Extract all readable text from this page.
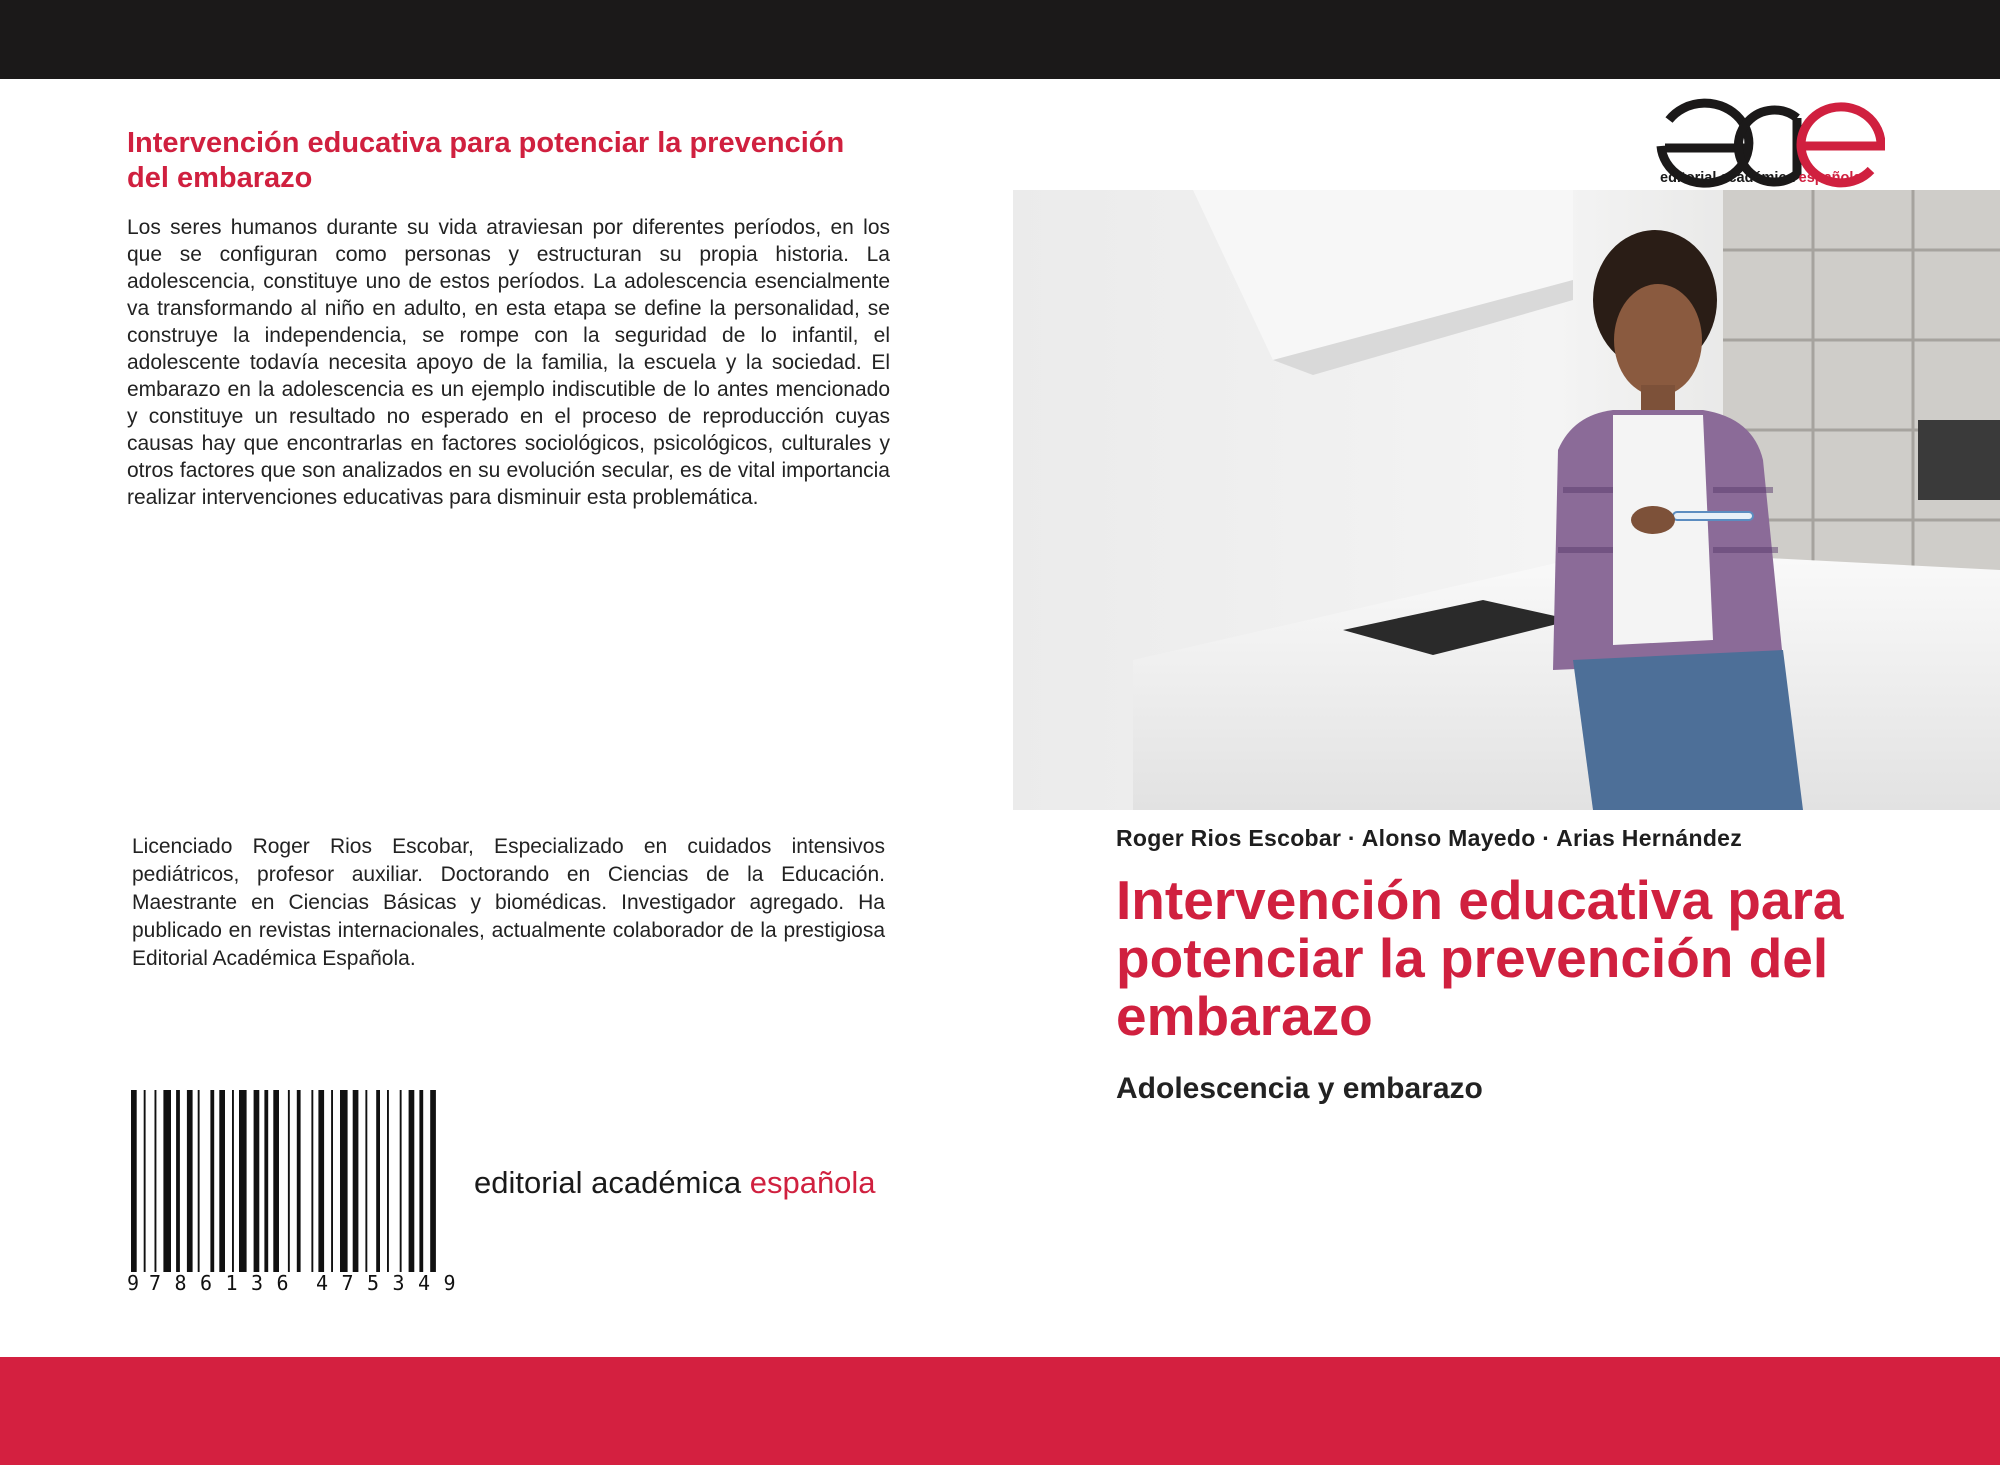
Intervención educativa para potenciar la prevención del embarazo

Los seres humanos durante su vida atraviesan por diferentes períodos, en los que se configuran como personas y estructuran su propia historia. La adolescencia, constituye uno de estos períodos. La adolescencia esencialmente va transformando al niño en adulto, en esta etapa se define la personalidad, se construye la independencia, se rompe con la seguridad de lo infantil, el adolescente todavía necesita apoyo de la familia, la escuela y la sociedad. El embarazo en la adolescencia es un ejemplo indiscutible de lo antes mencionado y constituye un resultado no esperado en el proceso de reproducción cuyas causas hay que encontrarlas en factores sociológicos, psicológicos, culturales y otros factores que son analizados en su evolución secular, es de vital importancia realizar intervenciones educativas para disminuir esta problemática.

Licenciado Roger Rios Escobar, Especializado en cuidados intensivos pediátricos, profesor auxiliar. Doctorando en Ciencias de la Educación. Maestrante en Ciencias Básicas y biomédicas. Investigador agregado. Ha publicado en revistas internacionales, actualmente colaborador de la prestigiosa Editorial Académica Española.

9 7 8 6 1 3 6 4 7 5 3 4 9
editorial académica española
editorial académica española
Roger Rios Escobar · Alonso Mayedo · Arias Hernández
Intervención educativa para potenciar la prevención del embarazo
Adolescencia y embarazo
